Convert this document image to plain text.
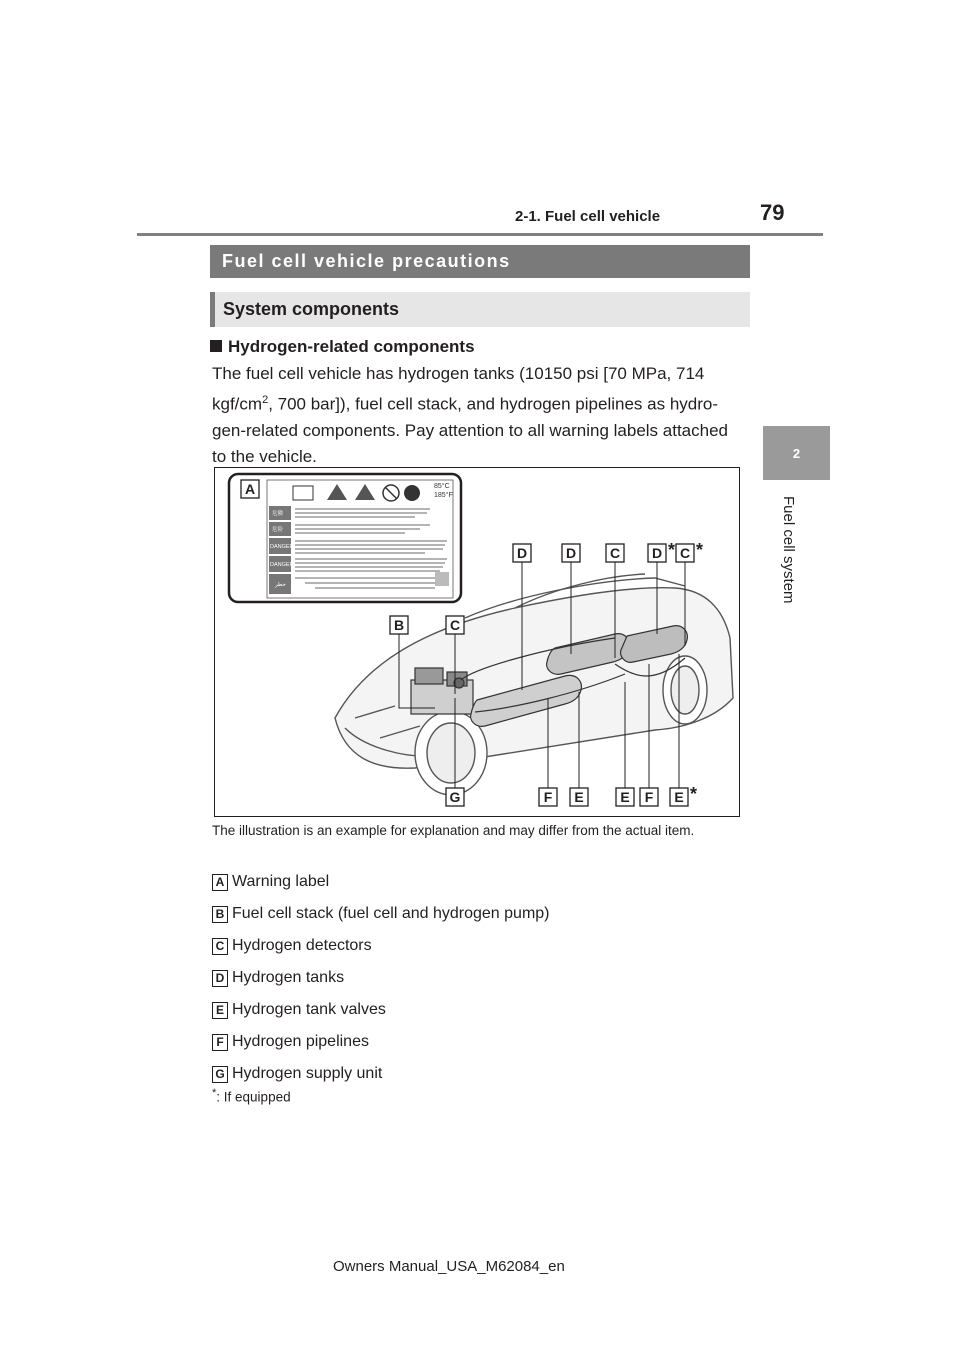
2-1. Fuel cell vehicle	79
2
Fuel cell system
Fuel cell vehicle precautions
System components
Hydrogen-related components
The fuel cell vehicle has hydrogen tanks (10150 psi [70 MPa, 714
kgf/$cm^2$, 700 bar]), fuel cell stack, and hydrogen pipelines as hydro-
gen-related components. Pay attention to all warning labels attached
to the vehicle.
85°C
185°F
危険
危险
DANGER
DANGER
خطر
A
D	D C D C
B	C
G	F E	E F E
* *
*
The illustration is an example for explanation and may differ from the actual item.
A Warning label
B Fuel cell stack (fuel cell and hydrogen pump)
C Hydrogen detectors
D Hydrogen tanks
E Hydrogen tank valves
F Hydrogen pipelines
G Hydrogen supply unit
*: If equipped
Owners Manual_USA_M62084_en
